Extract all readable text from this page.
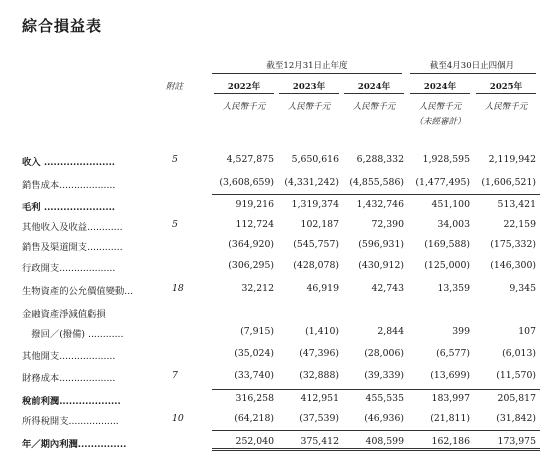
綜合損益表
附註
截至12月31日止年度	截至4月30日止四個月
2022年	2023年	2024年	2024年	2025年
人民幣千元	人民幣千元	人民幣千元	人民幣千元	人民幣千元
（未經審計）
收入 ......................	5	4,527,875	5,650,616	6,288,332	1,928,595	2,119,942
銷售成本...................	(3,608,659)	(4,331,242)	(4,855,586)	(1,477,495)	(1,606,521)
毛利 ......................	919,216	1,319,374	1,432,746	451,100	513,421
其他收入及收益............	5	112,724	102,187	72,390	34,003	22,159
銷售及渠道開支............	(364,920)	(545,757)	(596,931)	(169,588)	(175,332)
行政開支...................	(306,295)	(428,078)	(430,912)	(125,000)	(146,300)
生物資產的公允價值變動...	18	32,212	46,919	42,743	13,359	9,345
金融資產淨減值虧損
　撥回／(撥備) ............	(7,915)	(1,410)	2,844	399	107
其他開支...................	(35,024)	(47,396)	(28,006)	(6,577)	(6,013)
財務成本...................	7	(33,740)	(32,888)	(39,339)	(13,699)	(11,570)
稅前利潤...................	316,258	412,951	455,535	183,997	205,817
所得稅開支.................	10	(64,218)	(37,539)	(46,936)	(21,811)	(31,842)
年／期內利潤...............	252,040	375,412	408,599	162,186	173,975
